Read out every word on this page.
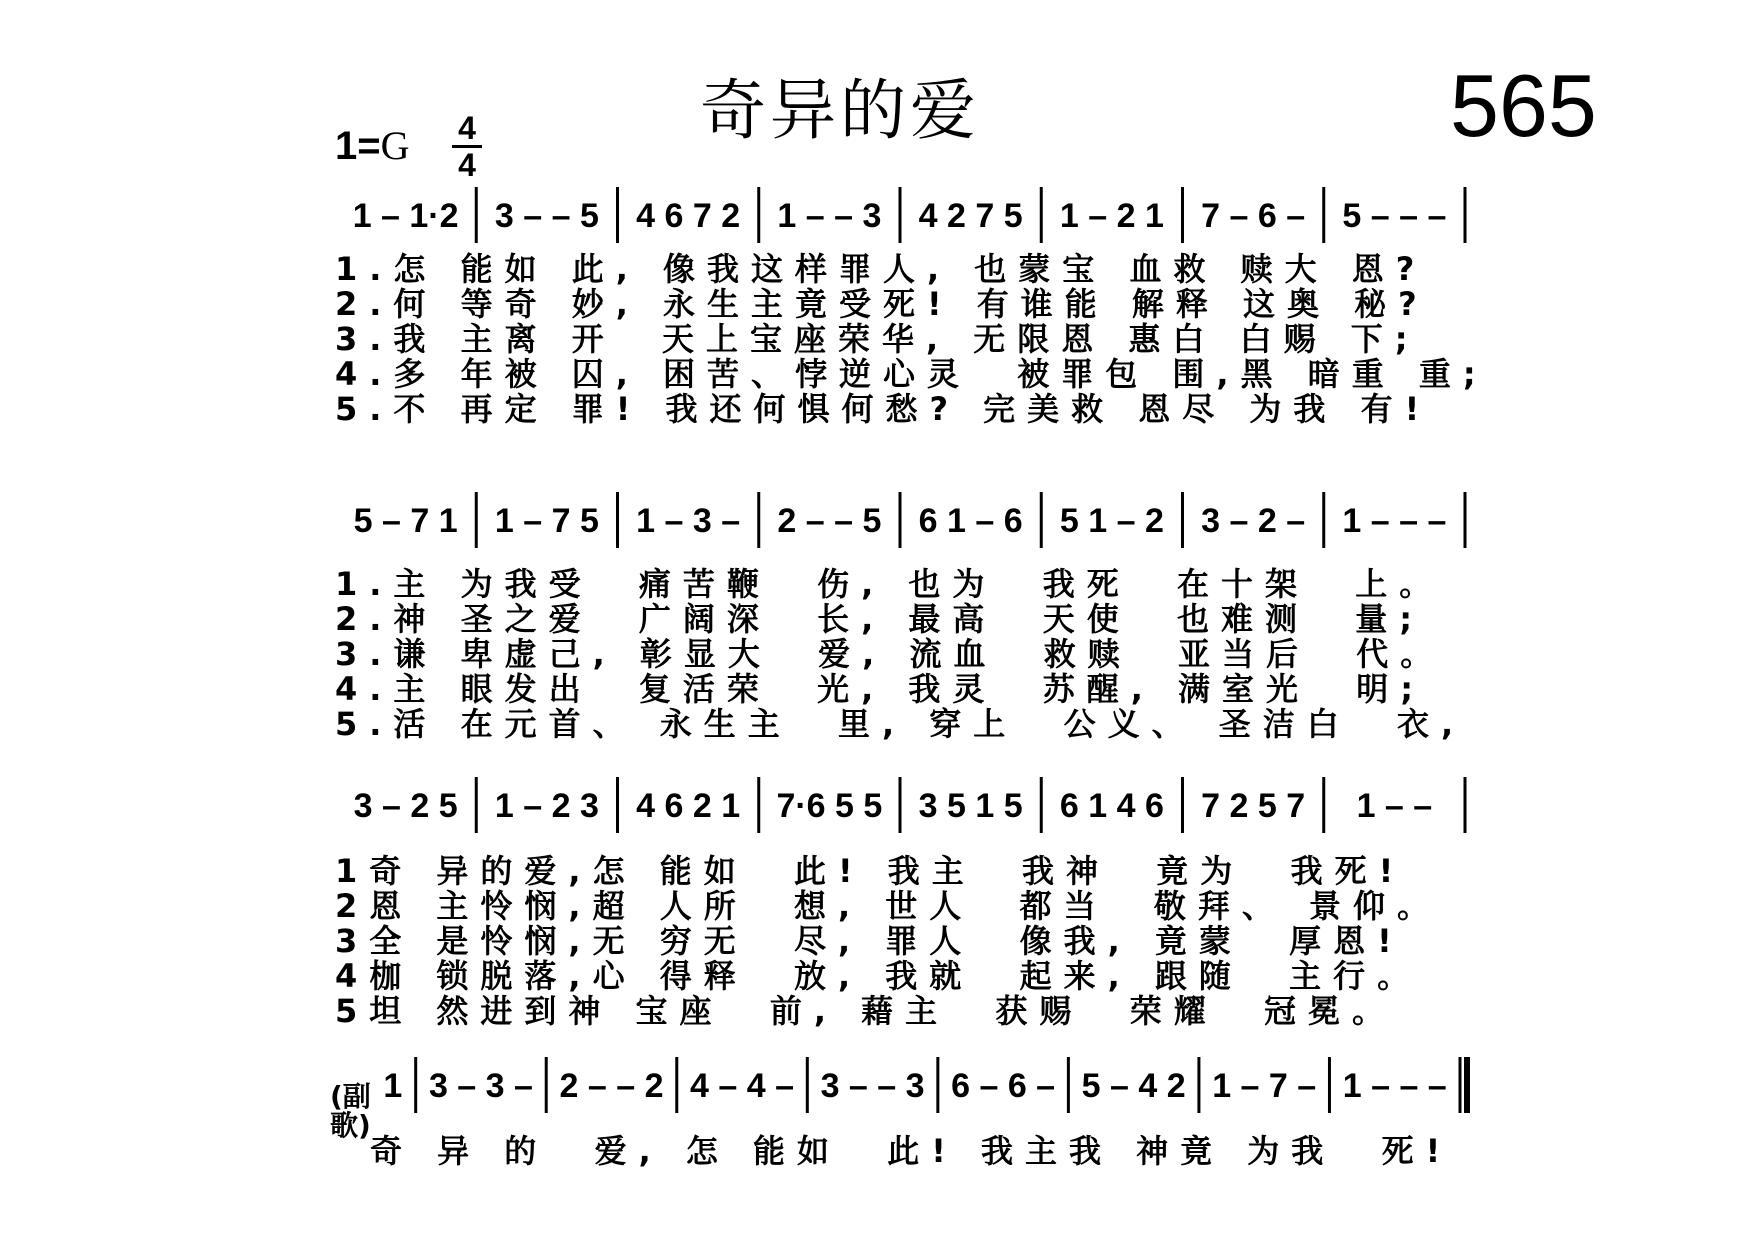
奇异的爱	565
1=G 4
4
1 – 1·2 3 – – 5 4 6 7 2 1 – – 3 4 2 7 5 1 – 2 1 7 – 6 – 5 – – –
1.怎 能如 此, 像我这样罪人, 也蒙宝 血救 赎大 恩?
2.何 等奇 妙, 永生主竟受死! 有谁能 解释 这奥 秘?
3.我 主离 开  天上宝座荣华, 无限恩 惠白 白赐 下;
4.多 年被 囚, 困苦、悖逆心灵  被罪包 围,黑 暗重 重;
5.不 再定 罪! 我还何惧何愁? 完美救 恩尽 为我 有!
5 – 7 1 1 – 7 5 1 – 3 – 2 – – 5 6 1 – 6 5 1 – 2 3 – 2 – 1 – – –
1.主 为我受  痛苦鞭  伤, 也为  我死  在十架  上。
2.神 圣之爱  广阔深  长, 最高  天使  也难测  量;
3.谦 卑虚己, 彰显大  爱, 流血  救赎  亚当后  代。
4.主 眼发出  复活荣  光, 我灵  苏醒, 满室光  明;
5.活 在元首、 永生主  里, 穿上  公义、 圣洁白  衣,
3 – 2 5 1 – 2 3 4 6 2 1 7·6 5 5 3 5 1 5 6 1 4 6 7 2 5 7 1 – –
1奇 异的爱,怎 能如  此! 我主  我神  竟为  我死!
2恩 主怜悯,超 人所  想, 世人  都当  敬拜、 景仰。
3全 是怜悯,无 穷无  尽, 罪人  像我, 竟蒙  厚恩!
4枷 锁脱落,心 得释  放, 我就  起来, 跟随  主行。
5坦 然进到神 宝座  前, 藉主  获赐  荣耀  冠冕。
(副歌)
1 3 – 3 – 2 – – 2 4 – 4 – 3 – – 3 6 – 6 – 5 – 4 2 1 – 7 – 1 – – –
奇 异 的  爱, 怎 能如  此! 我主我 神竟 为我  死!
